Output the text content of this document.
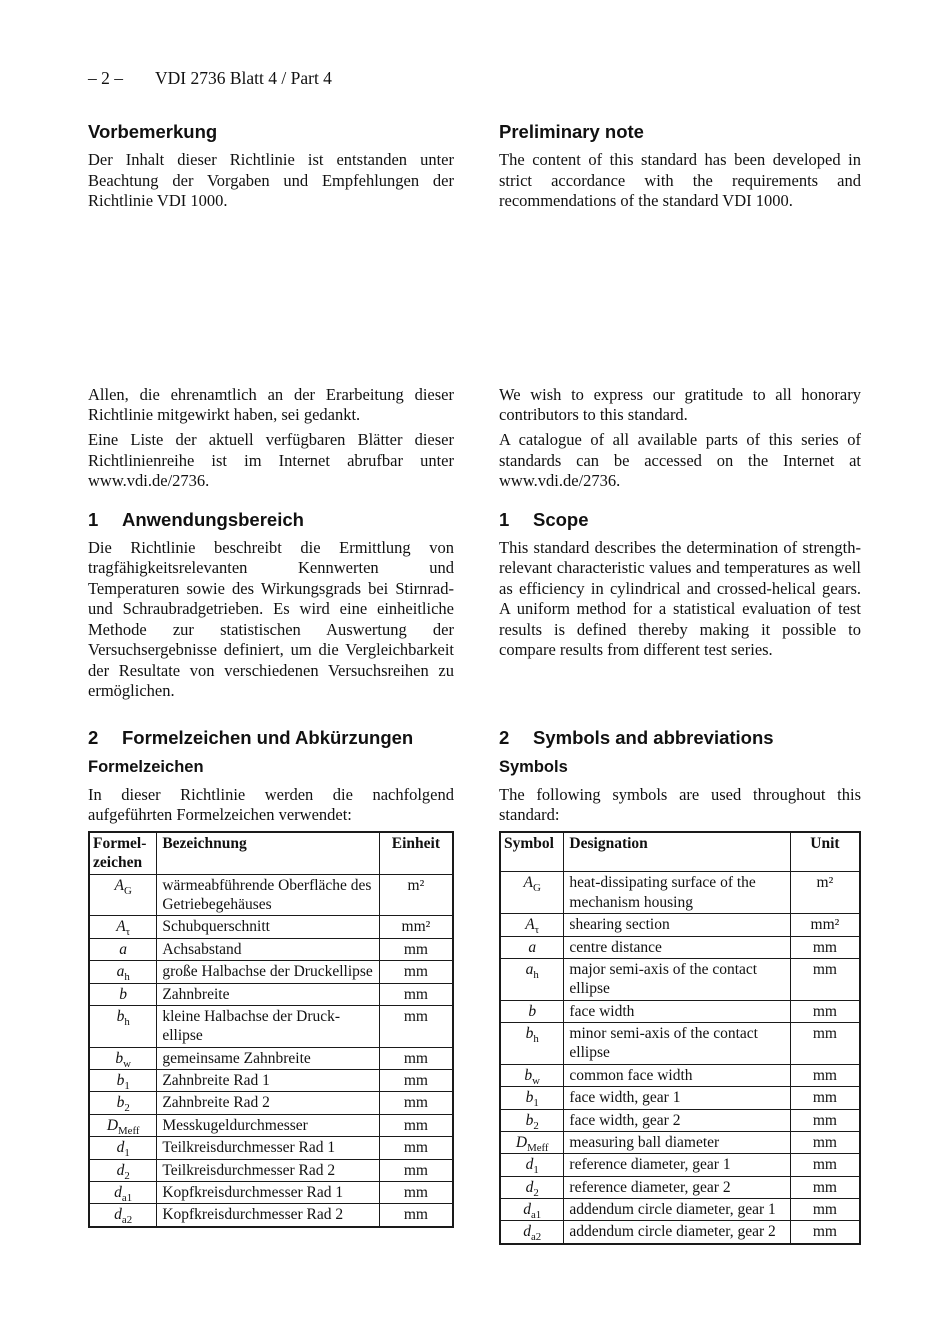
– 2 – VDI 2736 Blatt 4 / Part 4
Vorbemerkung

Der Inhalt dieser Richtlinie ist entstanden unter Beachtung der Vorgaben und Empfehlungen der Richtlinie VDI 1000.

Allen, die ehrenamtlich an der Erarbeitung dieser Richtlinie mitgewirkt haben, sei gedankt.

Eine Liste der aktuell verfügbaren Blätter dieser Richtlinienreihe ist im Internet abrufbar unter www.vdi.de/2736.

1	Anwendungsbereich

Die Richtlinie beschreibt die Ermittlung von tragfähigkeitsrelevanten Kennwerten und Temperaturen sowie des Wirkungsgrads bei Stirnrad- und Schraubradgetrieben. Es wird eine einheitliche Methode zur statistischen Auswertung der Versuchsergebnisse definiert, um die Vergleichbarkeit der Resultate von verschiedenen Versuchsreihen zu ermöglichen.

Preliminary note

The content of this standard has been developed in strict accordance with the requirements and recommendations of the standard VDI 1000.

We wish to express our gratitude to all honorary contributors to this standard.

A catalogue of all available parts of this series of standards can be accessed on the Internet at www.vdi.de/2736.

1	Scope

This standard describes the determination of strength-relevant characteristic values and temperatures as well as efficiency in cylindrical and crossed-helical gears. A uniform method for a statistical evaluation of test results is defined thereby making it possible to compare results from different test series.

2	Formelzeichen und Abkürzungen
Formelzeichen

In dieser Richtlinie werden die nachfolgend aufgeführten Formelzeichen verwendet:

Formel-zeichen	Bezeichnung	Einheit
$A_G$	wärmeabführende Oberfläche des Getriebegehäuses	m²
$A_\tau$	Schubquerschnitt	mm²
a	Achsabstand	mm
$a_h$	große Halbachse der Druckellipse	mm
b	Zahnbreite	mm
$b_h$	kleine Halbachse der Druckellipse	mm
$b_w$	gemeinsame Zahnbreite	mm
$b_1$	Zahnbreite Rad 1	mm
$b_2$	Zahnbreite Rad 2	mm
$D_{Meff}$	Messkugeldurchmesser	mm
$d_1$	Teilkreisdurchmesser Rad 1	mm
$d_2$	Teilkreisdurchmesser Rad 2	mm
$d_{a1}$	Kopfkreisdurchmesser Rad 1	mm
$d_{a2}$	Kopfkreisdurchmesser Rad 2	mm
2	Symbols and abbreviations
Symbols

The following symbols are used throughout this standard:

Symbol	Designation	Unit
$A_G$	heat-dissipating surface of the mechanism housing	m²
$A_\tau$	shearing section	mm²
a	centre distance	mm
$a_h$	major semi-axis of the contact ellipse	mm
b	face width	mm
$b_h$	minor semi-axis of the contact ellipse	mm
$b_w$	common face width	mm
$b_1$	face width, gear 1	mm
$b_2$	face width, gear 2	mm
$D_{Meff}$	measuring ball diameter	mm
$d_1$	reference diameter, gear 1	mm
$d_2$	reference diameter, gear 2	mm
$d_{a1}$	addendum circle diameter, gear 1	mm
$d_{a2}$	addendum circle diameter, gear 2	mm
